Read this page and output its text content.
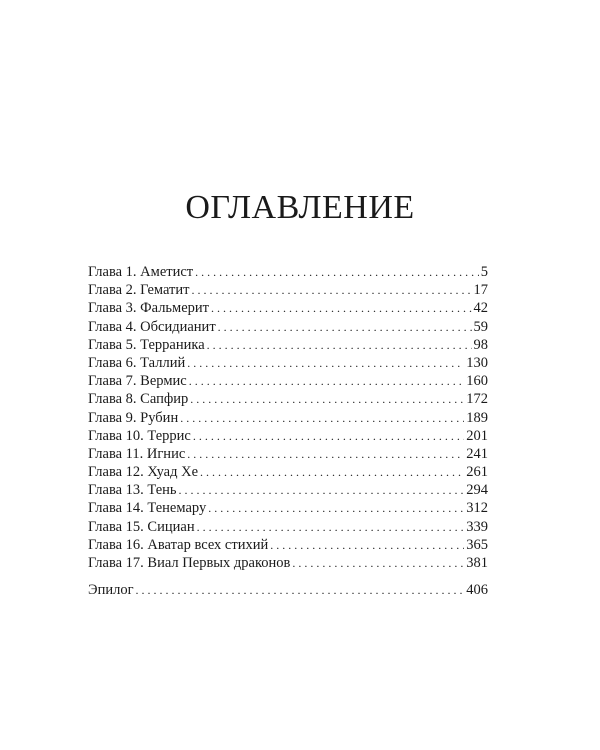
ОГЛАВЛЕНИЕ
Глава 1. Аметист . . .	5
Глава 2. Гематит . . .	17
Глава 3. Фальмерит . . .	42
Глава 4. Обсидианит . . .	59
Глава 5. Терраника . . .	98
Глава 6. Таллий . . .	130
Глава 7. Вермис . . .	160
Глава 8. Сапфир . . .	172
Глава 9. Рубин . . .	189
Глава 10. Террис . . .	201
Глава 11. Игнис . . .	241
Глава 12. Хуад Хе . . .	261
Глава 13. Тень . . .	294
Глава 14. Тенемару . . .	312
Глава 15. Сициан . . .	339
Глава 16. Аватар всех стихий . . .	365
Глава 17. Виал Первых драконов . . .	381
Эпилог . . .	406
